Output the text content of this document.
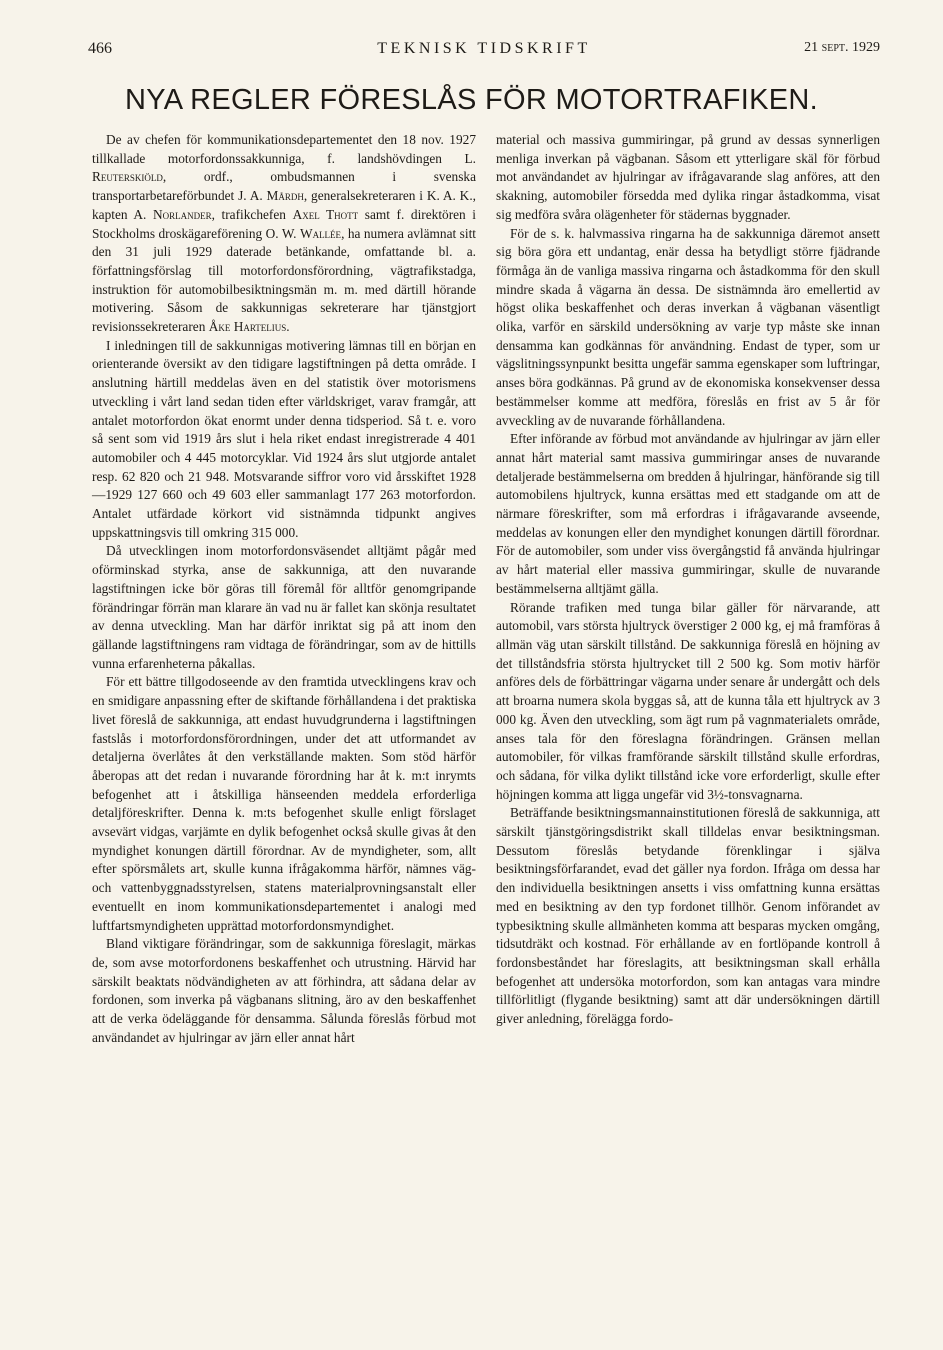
466	TEKNISK TIDSKRIFT	21 sept. 1929
NYA REGLER FÖRESLÅS FÖR MOTORTRAFIKEN.

De av chefen för kommunikationsdepartementet den 18 nov. 1927 tillkallade motorfordonssakkunniga, f. landshövdingen L. Reuterskiöld, ordf., ombudsmannen i svenska transportarbetareförbundet J. A. Mårdh, generalsekreteraren i K. A. K., kapten A. Norlander, trafikchefen Axel Thott samt f. direktören i Stockholms droskägareförening O. W. Wallée, ha numera avlämnat sitt den 31 juli 1929 daterade betänkande, omfattande bl. a. författningsförslag till motorfordonsförordning, vägtrafikstadga, instruktion för automobilbesiktningsmän m. m. med därtill hörande motivering. Såsom de sakkunnigas sekreterare har tjänstgjort revisionssekreteraren Åke Hartelius.

I inledningen till de sakkunnigas motivering lämnas till en början en orienterande översikt av den tidigare lagstiftningen på detta område. I anslutning härtill meddelas även en del statistik över motorismens utveckling i vårt land sedan tiden efter världskriget, varav framgår, att antalet motorfordon ökat enormt under denna tidsperiod. Så t. e. voro så sent som vid 1919 års slut i hela riket endast inregistrerade 4 401 automobiler och 4 445 motorcyklar. Vid 1924 års slut utgjorde antalet resp. 62 820 och 21 948. Motsvarande siffror voro vid årsskiftet 1928—1929 127 660 och 49 603 eller sammanlagt 177 263 motorfordon. Antalet utfärdade körkort vid sistnämnda tidpunkt angives uppskattningsvis till omkring 315 000.

Då utvecklingen inom motorfordonsväsendet alltjämt pågår med oförminskad styrka, anse de sakkunniga, att den nuvarande lagstiftningen icke bör göras till föremål för alltför genomgripande förändringar förrän man klarare än vad nu är fallet kan skönja resultatet av denna utveckling. Man har därför inriktat sig på att inom den gällande lagstiftningens ram vidtaga de förändringar, som av de hittills vunna erfarenheterna påkallas.

För ett bättre tillgodoseende av den framtida utvecklingens krav och en smidigare anpassning efter de skiftande förhållandena i det praktiska livet föreslå de sakkunniga, att endast huvudgrunderna i lagstiftningen fastslås i motorfordonsförordningen, under det att utformandet av detaljerna överlåtes åt den verkställande makten. Som stöd härför åberopas att det redan i nuvarande förordning har åt k. m:t inrymts befogenhet att i åtskilliga hänseenden meddela erforderliga detaljföreskrifter. Denna k. m:ts befogenhet skulle enligt förslaget avsevärt vidgas, varjämte en dylik befogenhet också skulle givas åt den myndighet konungen därtill förordnar. Av de myndigheter, som, allt efter spörsmålets art, skulle kunna ifrågakomma härför, nämnes väg- och vattenbyggnadsstyrelsen, statens materialprovningsanstalt eller eventuellt en inom kommunikationsdepartementet i analogi med luftfartsmyndigheten upprättad motorfordonsmyndighet.

Bland viktigare förändringar, som de sakkunniga föreslagit, märkas de, som avse motorfordonens beskaffenhet och utrustning. Härvid har särskilt beaktats nödvändigheten av att förhindra, att sådana delar av fordonen, som inverka på vägbanans slitning, äro av den beskaffenhet att de verka ödeläggande för densamma. Sålunda föreslås förbud mot användandet av hjulringar av järn eller annat hårt

material och massiva gummiringar, på grund av dessas synnerligen menliga inverkan på vägbanan. Såsom ett ytterligare skäl för förbud mot användandet av hjulringar av ifrågavarande slag anföres, att den skakning, automobiler försedda med dylika ringar åstadkomma, visat sig medföra svåra olägenheter för städernas byggnader.

För de s. k. halvmassiva ringarna ha de sakkunniga däremot ansett sig böra göra ett undantag, enär dessa ha betydligt större fjädrande förmåga än de vanliga massiva ringarna och åstadkomma för den skull mindre skada å vägarna än dessa. De sistnämnda äro emellertid av högst olika beskaffenhet och deras inverkan å vägbanan väsentligt olika, varför en särskild undersökning av varje typ måste ske innan densamma kan godkännas för användning. Endast de typer, som ur vägslitningssynpunkt besitta ungefär samma egenskaper som luftringar, anses böra godkännas. På grund av de ekonomiska konsekvenser dessa bestämmelser komme att medföra, föreslås en frist av 5 år för avveckling av de nuvarande förhållandena.

Efter införande av förbud mot användande av hjulringar av järn eller annat hårt material samt massiva gummiringar anses de nuvarande detaljerade bestämmelserna om bredden å hjulringar, hänförande sig till automobilens hjultryck, kunna ersättas med ett stadgande om att de närmare föreskrifter, som må erfordras i ifrågavarande avseende, meddelas av konungen eller den myndighet konungen därtill förordnar. För de automobiler, som under viss övergångstid få använda hjulringar av hårt material eller massiva gummiringar, skulle de nuvarande bestämmelserna alltjämt gälla.

Rörande trafiken med tunga bilar gäller för närvarande, att automobil, vars största hjultryck överstiger 2 000 kg, ej må framföras å allmän väg utan särskilt tillstånd. De sakkunniga föreslå en höjning av det tillståndsfria största hjultrycket till 2 500 kg. Som motiv härför anföres dels de förbättringar vägarna under senare år undergått och dels att broarna numera skola byggas så, att de kunna tåla ett hjultryck av 3 000 kg. Även den utveckling, som ägt rum på vagnmaterialets område, anses tala för den föreslagna förändringen. Gränsen mellan automobiler, för vilkas framförande särskilt tillstånd skulle erfordras, och sådana, för vilka dylikt tillstånd icke vore erforderligt, skulle efter höjningen komma att ligga ungefär vid 3½-tonsvagnarna.

Beträffande besiktningsmannainstitutionen föreslå de sakkunniga, att särskilt tjänstgöringsdistrikt skall tilldelas envar besiktningsman. Dessutom föreslås betydande förenklingar i själva besiktningsförfarandet, evad det gäller nya fordon. Ifråga om dessa har den individuella besiktningen ansetts i viss omfattning kunna ersättas med en besiktning av den typ fordonet tillhör. Genom införandet av typbesiktning skulle allmänheten komma att besparas mycken omgång, tidsutdräkt och kostnad. För erhållande av en fortlöpande kontroll å fordonsbeståndet har föreslagits, att besiktningsman skall erhålla befogenhet att undersöka motorfordon, som kan antagas vara mindre tillförlitligt (flygande besiktning) samt att där undersökningen därtill giver anledning, förelägga fordo-
